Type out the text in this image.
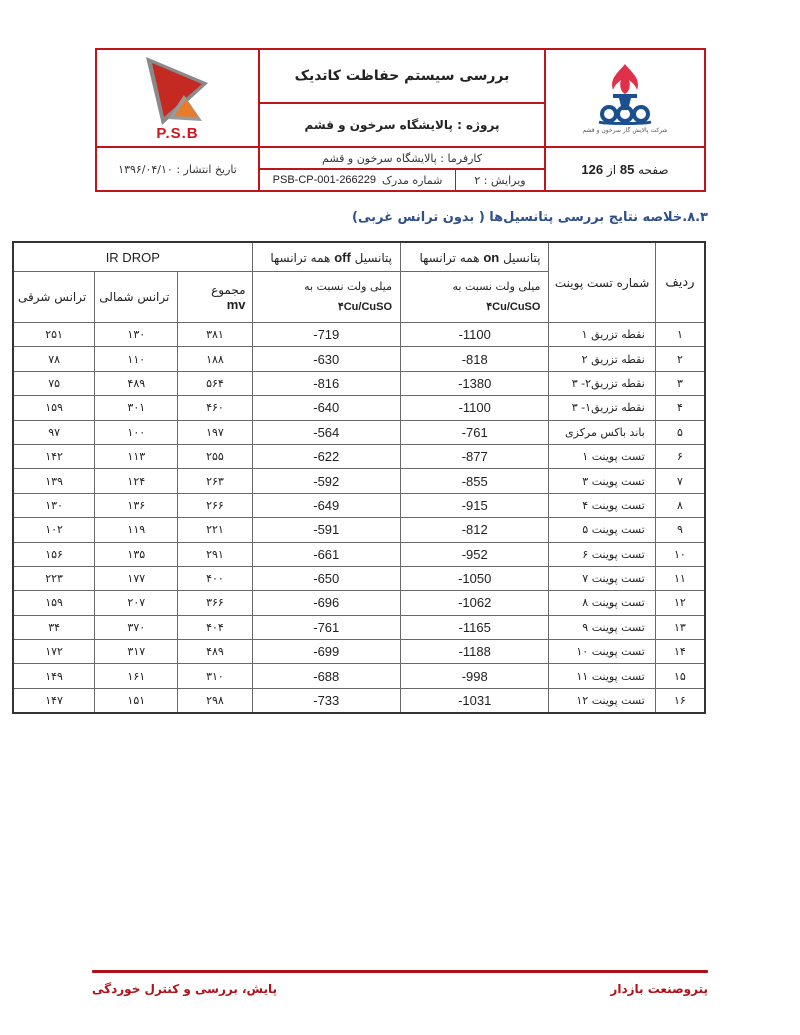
P.S.B
بررسی سیستم حفاظت کاتدیک
پروژه : پالایشگاه سرخون و قشم	شرکت پالایش گاز سرخون و قشم
تاریخ انتشار : ۱۳۹۶/۰۴/۱۰
کارفرما : پالایشگاه سرخون و قشم
شماره مدرک
266229-PSB-CP-001	ویرایش : ۲
صفحه 85 از 126
۸.۳.خلاصه نتایج بررسی پتانسیل‌ها ( بدون ترانس غربی)
ردیف	شماره تست پوینت	پتانسیل on همه ترانسها	پتانسیل off همه ترانسها	IR DROP		

میلی ولت نسبت به
۴Cu/CuSO

میلی ولت نسبت به
۴Cu/CuSO

مجموع
mv
	ترانس شمالی	ترانس شرقی
۱	نقطه تزریق ۱	-1100	-719	۳۸۱	۱۳۰	۲۵۱
۲	نقطه تزریق ۲	-818	-630	۱۸۸	۱۱۰	۷۸
۳	نقطه تزریق۲- ۳	-1380	-816	۵۶۴	۴۸۹	۷۵
۴	نقطه تزریق۱- ۳	-1100	-640	۴۶۰	۳۰۱	۱۵۹
۵	باند باکس مرکزی	-761	-564	۱۹۷	۱۰۰	۹۷
۶	تست پوینت ۱	-877	-622	۲۵۵	۱۱۳	۱۴۲
۷	تست پوینت ۳	-855	-592	۲۶۳	۱۲۴	۱۳۹
۸	تست پوینت ۴	-915	-649	۲۶۶	۱۳۶	۱۳۰
۹	تست پوینت ۵	-812	-591	۲۲۱	۱۱۹	۱۰۲
۱۰	تست پوینت ۶	-952	-661	۲۹۱	۱۳۵	۱۵۶
۱۱	تست پوینت ۷	-1050	-650	۴۰۰	۱۷۷	۲۲۳
۱۲	تست پوینت ۸	-1062	-696	۳۶۶	۲۰۷	۱۵۹
۱۳	تست پوینت ۹	-1165	-761	۴۰۴	۳۷۰	۳۴
۱۴	تست پوینت ۱۰	-1188	-699	۴۸۹	۳۱۷	۱۷۲
۱۵	تست پوینت ۱۱	-998	-688	۳۱۰	۱۶۱	۱۴۹
۱۶	تست پوینت ۱۲	-1031	-733	۲۹۸	۱۵۱	۱۴۷
پتروصنعت بازدار
پایش، بررسی و کنترل خوردگی
